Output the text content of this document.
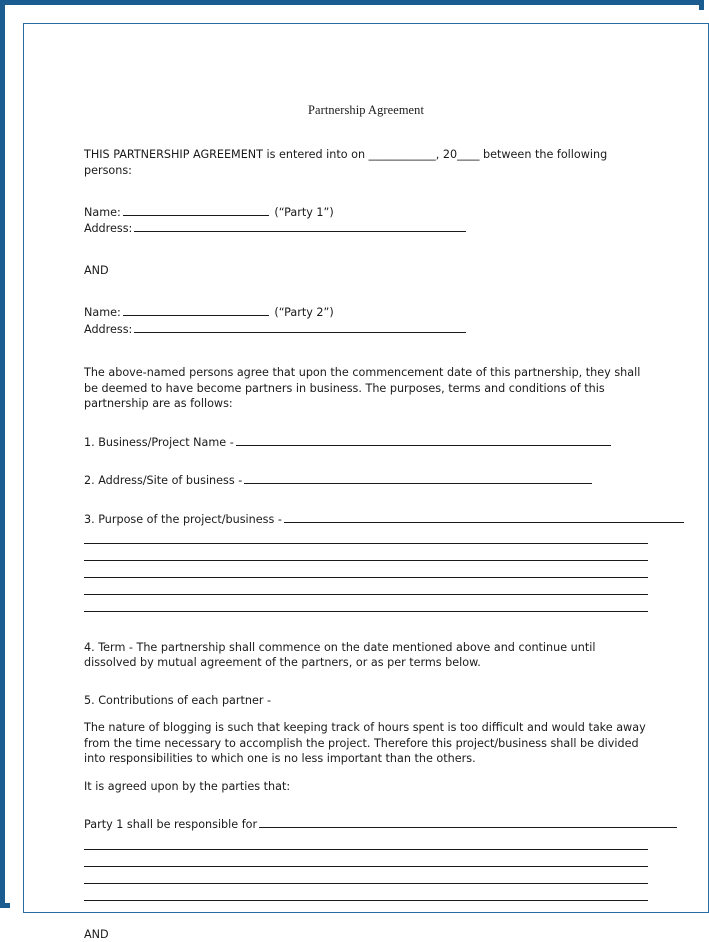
Partnership Agreement
THIS PARTNERSHIP AGREEMENT is entered into on ____________, 20____ between the following persons:
Name:	(“Party 1”)
Address:
AND
Name:	(“Party 2”)
Address:
The above-named persons agree that upon the commencement date of this partnership, they shall be deemed to have become partners in business. The purposes, terms and conditions of this partnership are as follows:
1. Business/Project Name -
2. Address/Site of business -
3. Purpose of the project/business -
4. Term - The partnership shall commence on the date mentioned above and continue until dissolved by mutual agreement of the partners, or as per terms below.
5. Contributions of each partner -
The nature of blogging is such that keeping track of hours spent is too difficult and would take away from the time necessary to accomplish the project. Therefore this project/business shall be divided into responsibilities to which one is no less important than the others.
It is agreed upon by the parties that:
Party 1 shall be responsible for
AND
